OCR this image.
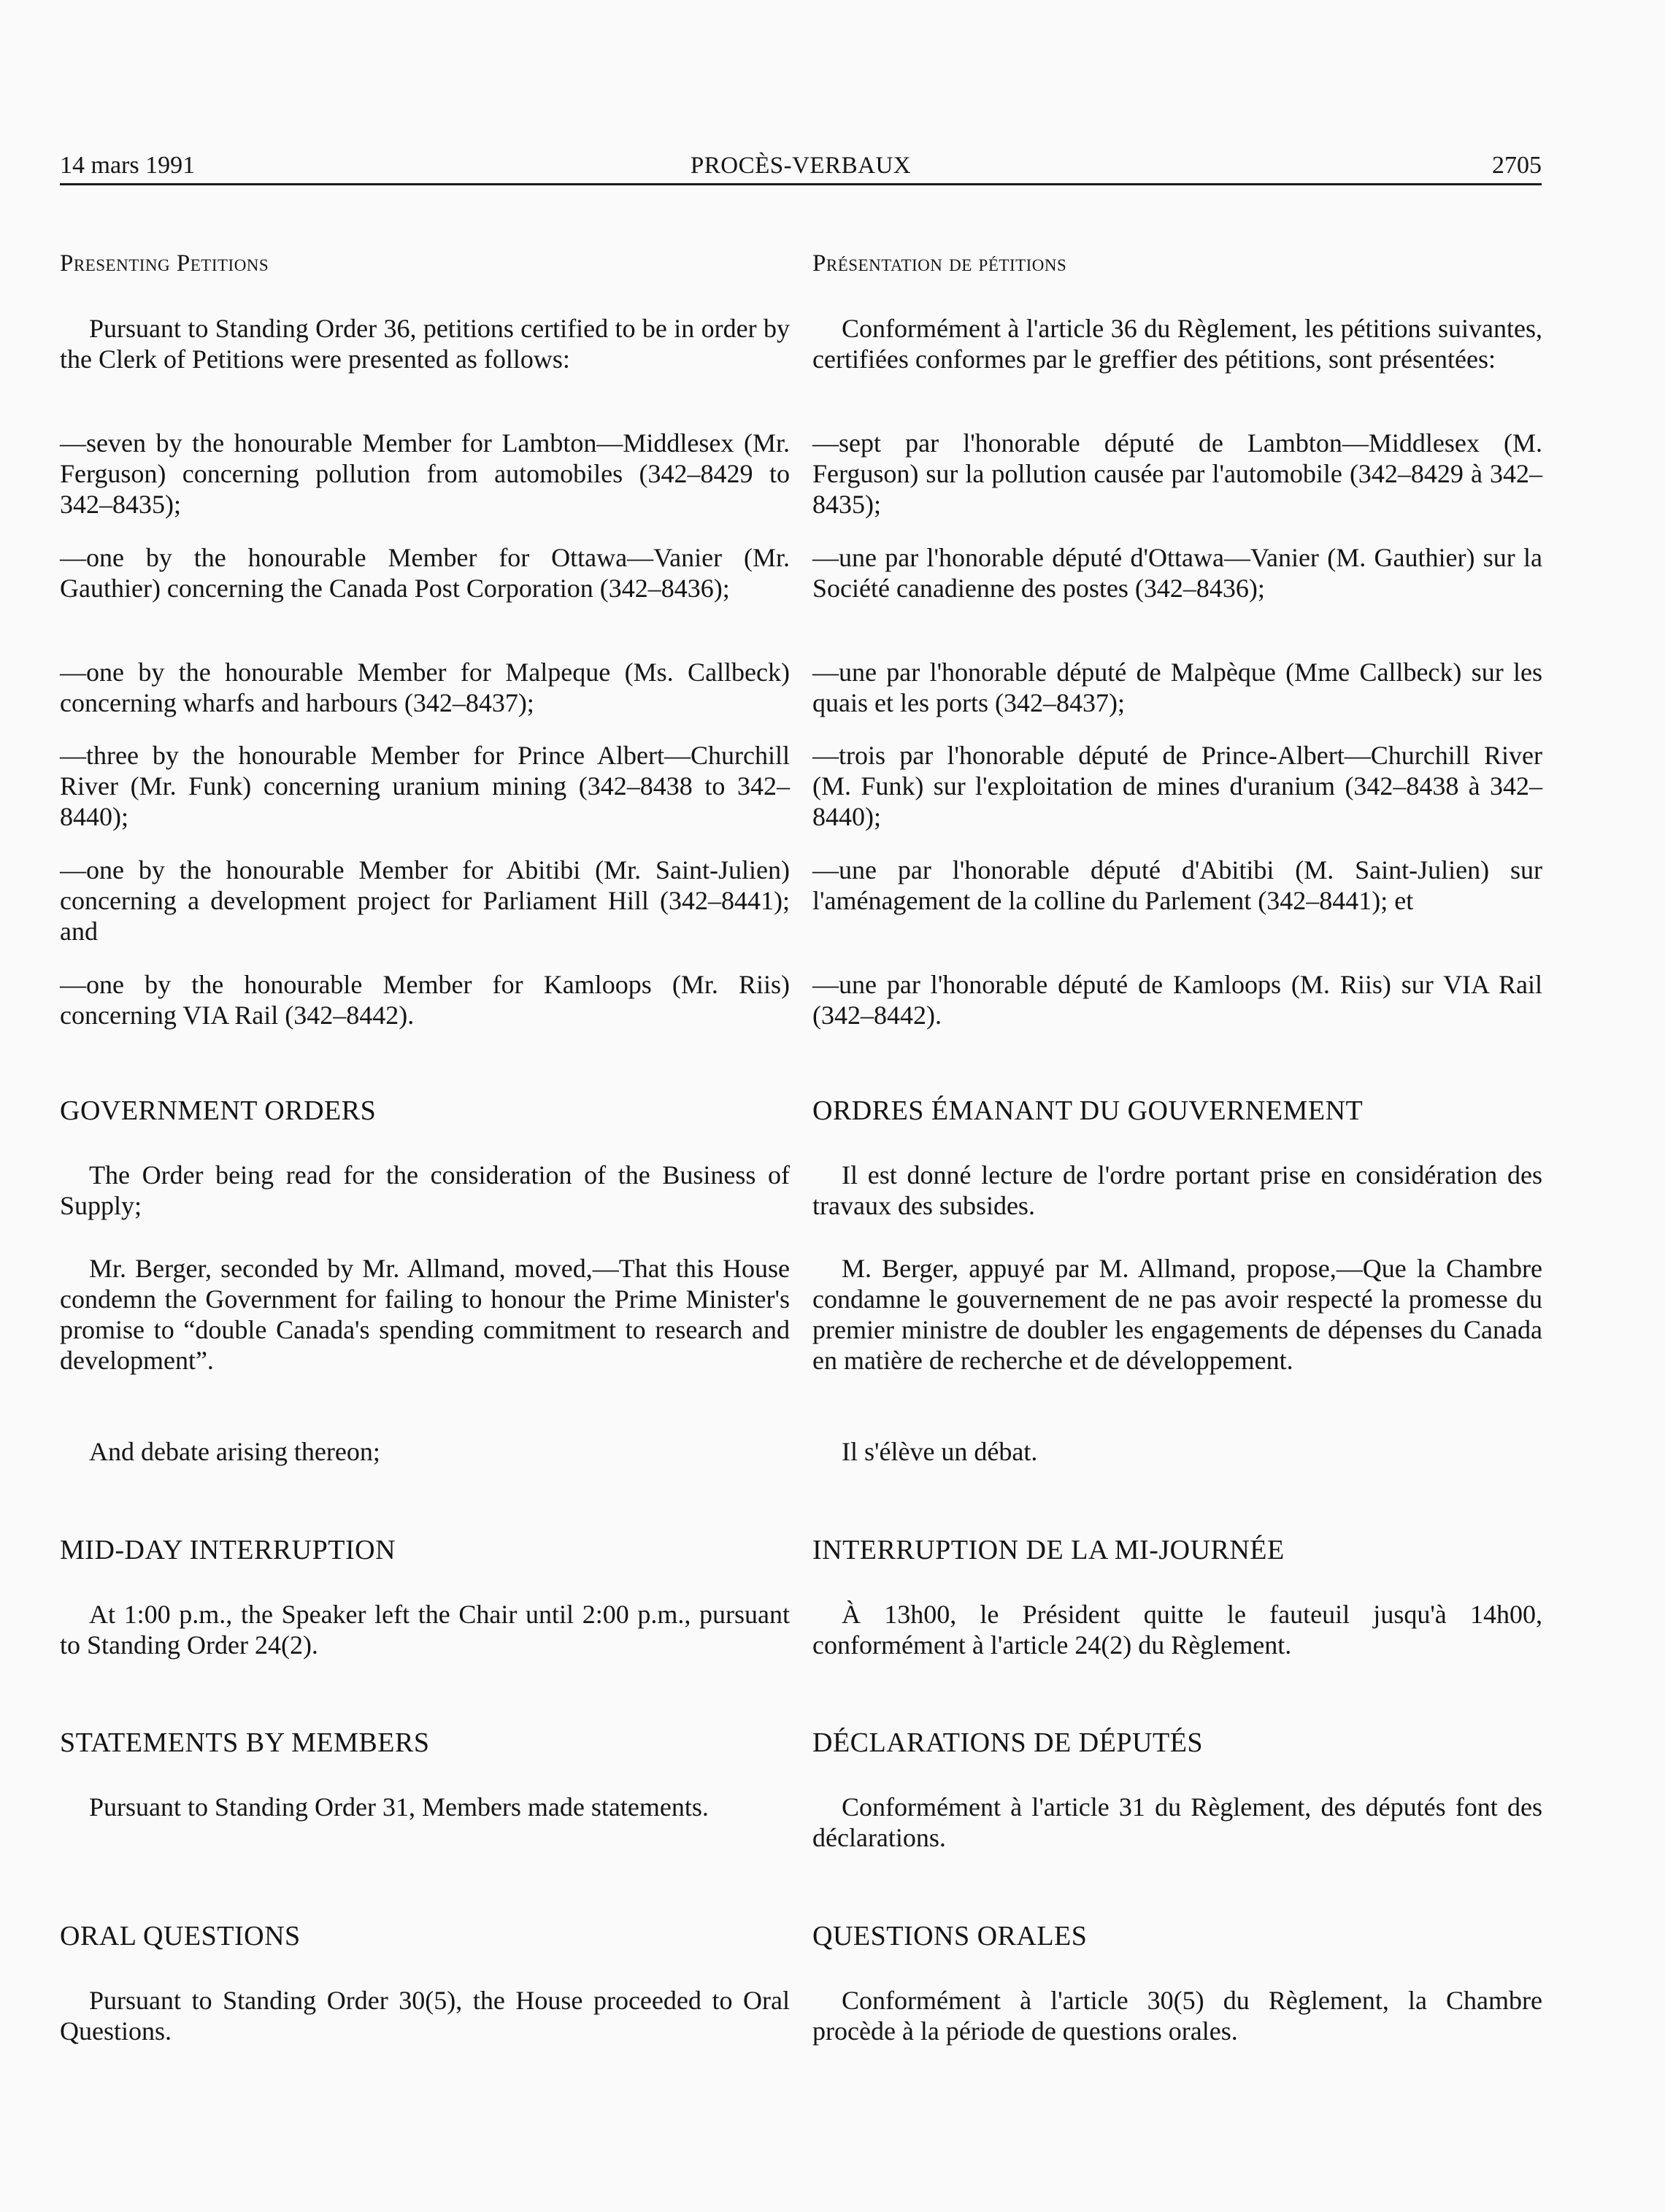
14 mars 1991	PROCÈS-VERBAUX	2705
Presenting Petitions
Pursuant to Standing Order 36, petitions certified to be in order by the Clerk of Petitions were presented as follows:
—seven by the honourable Member for Lambton—Middlesex (Mr. Ferguson) concerning pollution from automobiles (342–8429 to 342–8435);
—one by the honourable Member for Ottawa—Vanier (Mr. Gauthier) concerning the Canada Post Corporation (342–8436);
—one by the honourable Member for Malpeque (Ms. Callbeck) concerning wharfs and harbours (342–8437);
—three by the honourable Member for Prince Albert—Churchill River (Mr. Funk) concerning uranium mining (342–8438 to 342–8440);
—one by the honourable Member for Abitibi (Mr. Saint-Julien) concerning a development project for Parliament Hill (342–8441); and
—one by the honourable Member for Kamloops (Mr. Riis) concerning VIA Rail (342–8442).
GOVERNMENT ORDERS
The Order being read for the consideration of the Business of Supply;
Mr. Berger, seconded by Mr. Allmand, moved,—That this House condemn the Government for failing to honour the Prime Minister's promise to “double Canada's spending commitment to research and development”.
And debate arising thereon;
MID-DAY INTERRUPTION
At 1:00 p.m., the Speaker left the Chair until 2:00 p.m., pursuant to Standing Order 24(2).
STATEMENTS BY MEMBERS
Pursuant to Standing Order 31, Members made statements.
ORAL QUESTIONS
Pursuant to Standing Order 30(5), the House proceeded to Oral Questions.
Présentation de pétitions
Conformément à l'article 36 du Règlement, les pétitions suivantes, certifiées conformes par le greffier des pétitions, sont présentées:
—sept par l'honorable député de Lambton—Middlesex (M. Ferguson) sur la pollution causée par l'automobile (342–8429 à 342–8435);
—une par l'honorable député d'Ottawa—Vanier (M. Gauthier) sur la Société canadienne des postes (342–8436);
—une par l'honorable député de Malpèque (Mme Callbeck) sur les quais et les ports (342–8437);
—trois par l'honorable député de Prince-Albert—Churchill River (M. Funk) sur l'exploitation de mines d'uranium (342–8438 à 342–8440);
—une par l'honorable député d'Abitibi (M. Saint-Julien) sur l'aménagement de la colline du Parlement (342–8441); et
—une par l'honorable député de Kamloops (M. Riis) sur VIA Rail (342–8442).
ORDRES ÉMANANT DU GOUVERNEMENT
Il est donné lecture de l'ordre portant prise en considération des travaux des subsides.
M. Berger, appuyé par M. Allmand, propose,—Que la Chambre condamne le gouvernement de ne pas avoir respecté la promesse du premier ministre de doubler les engagements de dépenses du Canada en matière de recherche et de développement.
Il s'élève un débat.
INTERRUPTION DE LA MI-JOURNÉE
À 13h00, le Président quitte le fauteuil jusqu'à 14h00, conformément à l'article 24(2) du Règlement.
DÉCLARATIONS DE DÉPUTÉS
Conformément à l'article 31 du Règlement, des députés font des déclarations.
QUESTIONS ORALES
Conformément à l'article 30(5) du Règlement, la Chambre procède à la période de questions orales.
